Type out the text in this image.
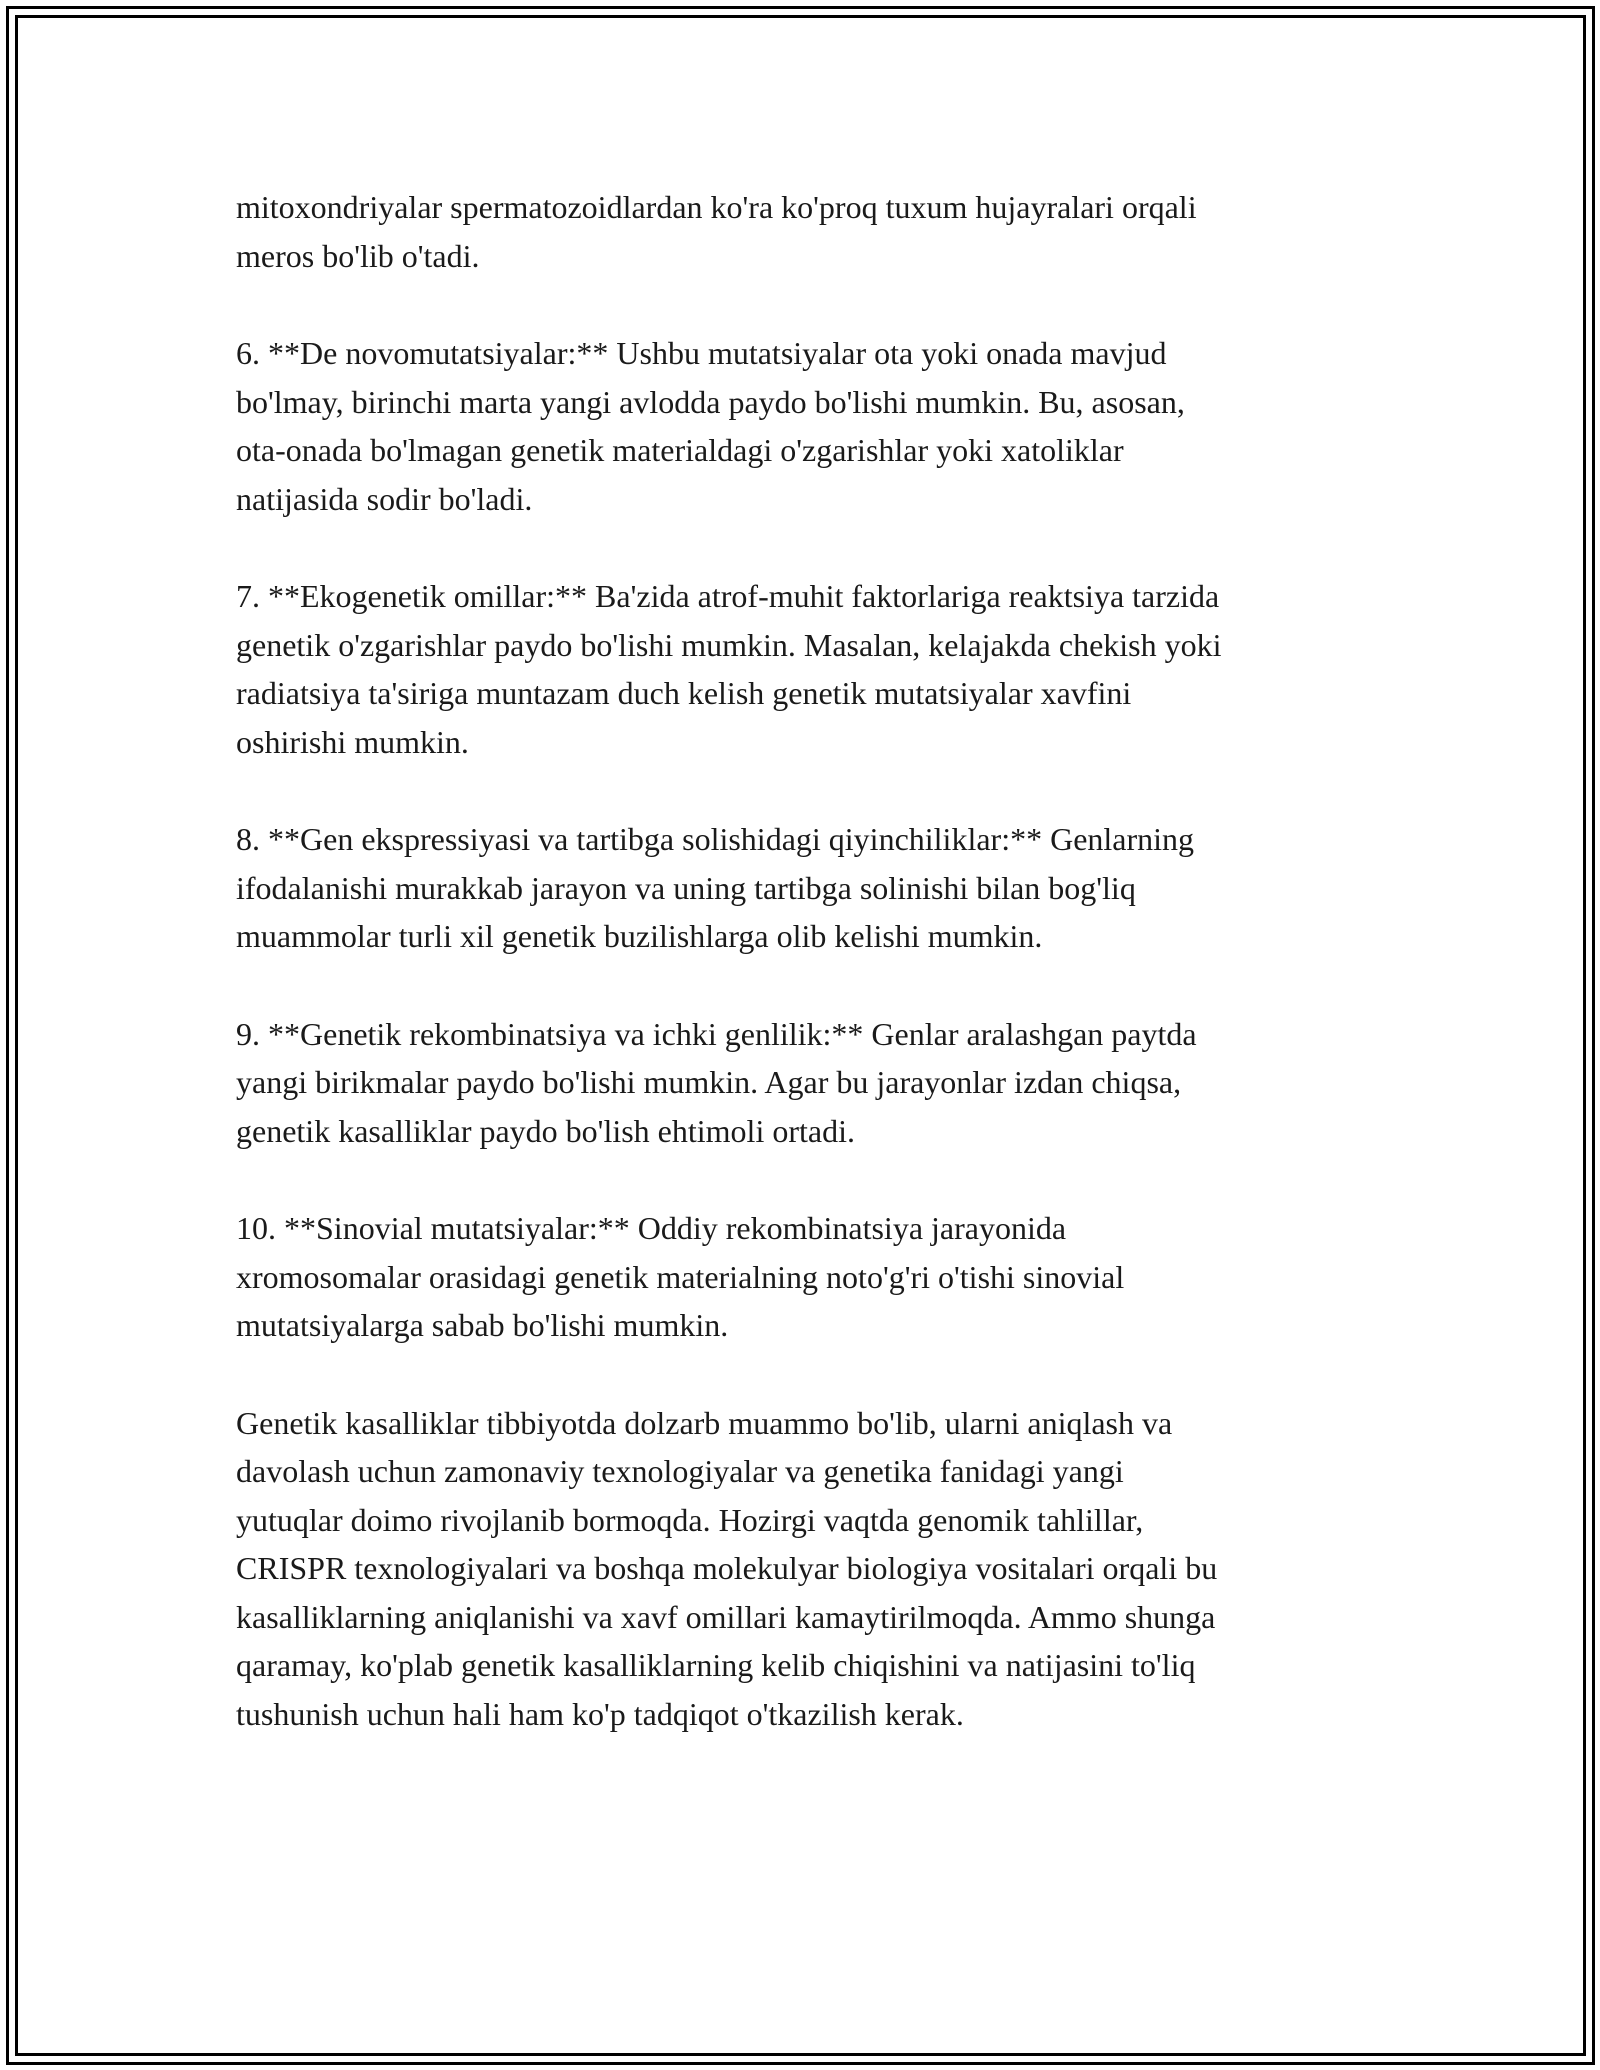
mitoxondriyalar spermatozoidlardan ko'ra ko'proq tuxum hujayralari orqali
meros bo'lib o'tadi.

6. **De novomutatsiyalar:** Ushbu mutatsiyalar ota yoki onada mavjud
bo'lmay, birinchi marta yangi avlodda paydo bo'lishi mumkin. Bu, asosan,
ota-onada bo'lmagan genetik materialdagi o'zgarishlar yoki xatoliklar
natijasida sodir bo'ladi.

7. **Ekogenetik omillar:** Ba'zida atrof-muhit faktorlariga reaktsiya tarzida
genetik o'zgarishlar paydo bo'lishi mumkin. Masalan, kelajakda chekish yoki
radiatsiya ta'siriga muntazam duch kelish genetik mutatsiyalar xavfini
oshirishi mumkin.

8. **Gen ekspressiyasi va tartibga solishidagi qiyinchiliklar:** Genlarning
ifodalanishi murakkab jarayon va uning tartibga solinishi bilan bog'liq
muammolar turli xil genetik buzilishlarga olib kelishi mumkin.

9. **Genetik rekombinatsiya va ichki genlilik:** Genlar aralashgan paytda
yangi birikmalar paydo bo'lishi mumkin. Agar bu jarayonlar izdan chiqsa,
genetik kasalliklar paydo bo'lish ehtimoli ortadi.

10. **Sinovial mutatsiyalar:** Oddiy rekombinatsiya jarayonida
xromosomalar orasidagi genetik materialning noto'g'ri o'tishi sinovial
mutatsiyalarga sabab bo'lishi mumkin.

Genetik kasalliklar tibbiyotda dolzarb muammo bo'lib, ularni aniqlash va
davolash uchun zamonaviy texnologiyalar va genetika fanidagi yangi
yutuqlar doimo rivojlanib bormoqda. Hozirgi vaqtda genomik tahlillar,
CRISPR texnologiyalari va boshqa molekulyar biologiya vositalari orqali bu
kasalliklarning aniqlanishi va xavf omillari kamaytirilmoqda. Ammo shunga
qaramay, ko'plab genetik kasalliklarning kelib chiqishini va natijasini to'liq
tushunish uchun hali ham ko'p tadqiqot o'tkazilish kerak.
